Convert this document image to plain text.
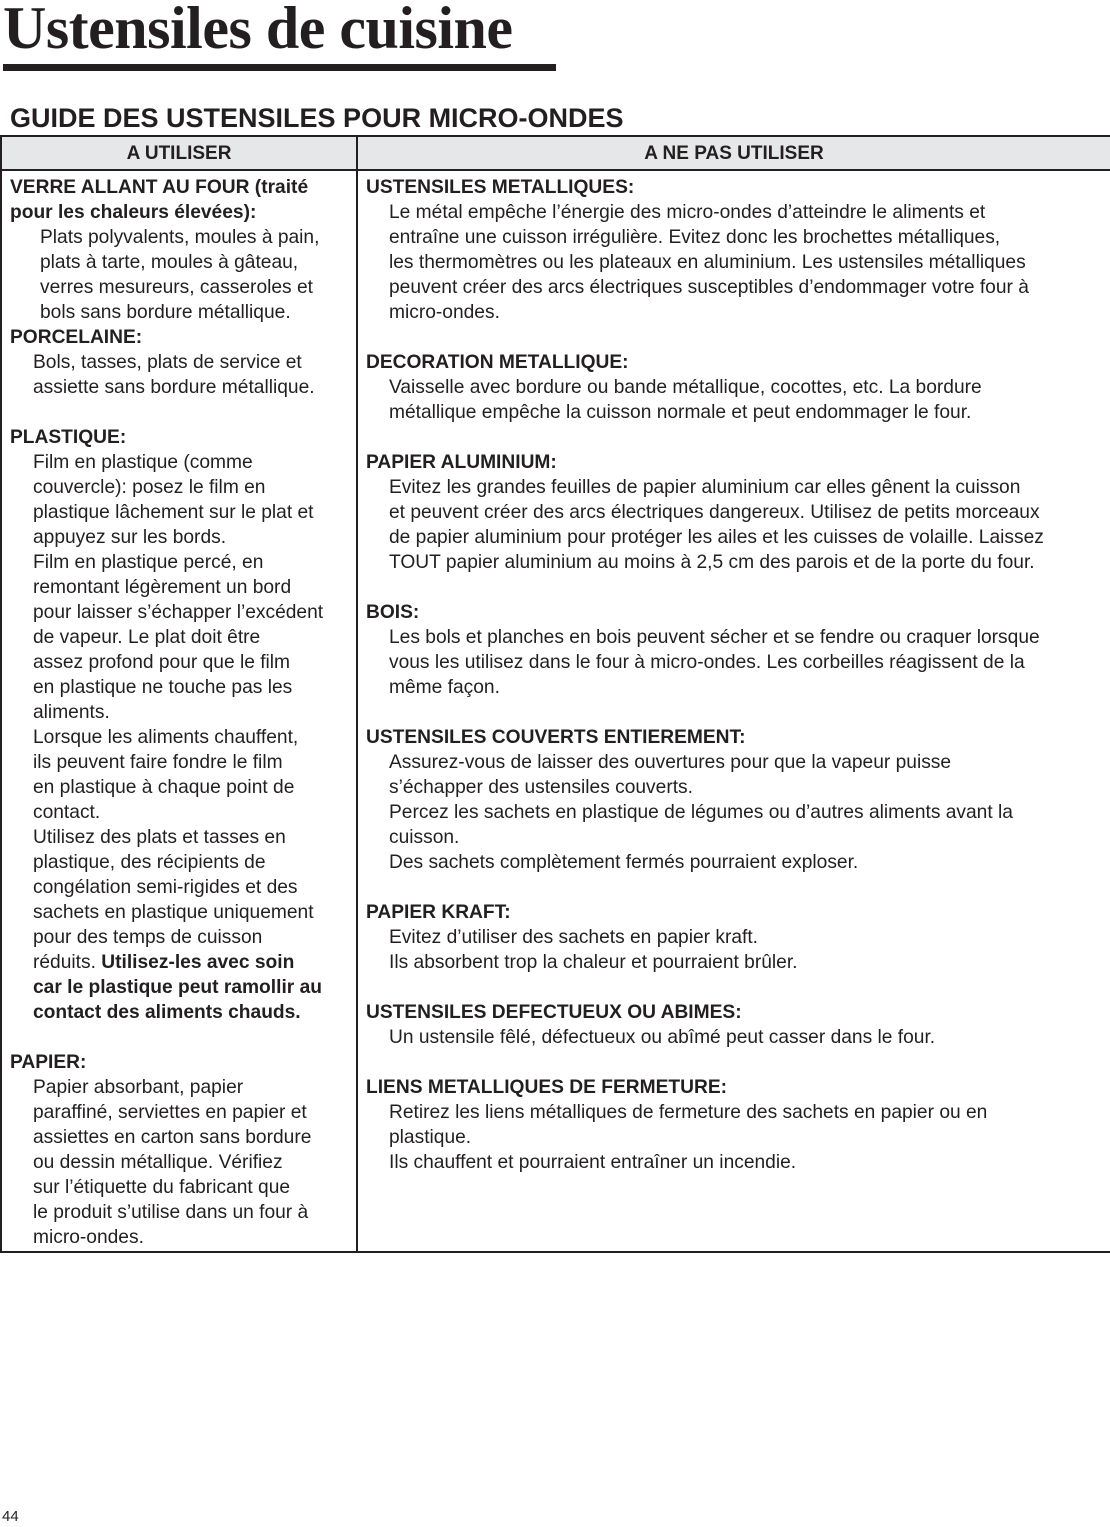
Ustensiles de cuisine
GUIDE DES USTENSILES POUR MICRO-ONDES
A UTILISER	A NE PAS UTILISER
VERRE ALLANT AU FOUR (traité
pour les chaleurs élevées):
Plats polyvalents, moules à pain,
plats à tarte, moules à gâteau,
verres mesureurs, casseroles et
bols sans bordure métallique.
PORCELAINE:
Bols, tasses, plats de service et
assiette sans bordure métallique.
PLASTIQUE:
Film en plastique (comme
couvercle): posez le film en
plastique lâchement sur le plat et
appuyez sur les bords.
Film en plastique percé, en
remontant légèrement un bord
pour laisser s’échapper l’excédent
de vapeur. Le plat doit être
assez profond pour que le film
en plastique ne touche pas les
aliments.
Lorsque les aliments chauffent,
ils peuvent faire fondre le film
en plastique à chaque point de
contact.
Utilisez des plats et tasses en
plastique, des récipients de
congélation semi-rigides et des
sachets en plastique uniquement
pour des temps de cuisson
réduits. Utilisez-les avec soin
car le plastique peut ramollir au
contact des aliments chauds.
PAPIER:
Papier absorbant, papier
paraffiné, serviettes en papier et
assiettes en carton sans bordure
ou dessin métallique. Vérifiez
sur l’étiquette du fabricant que
le produit s’utilise dans un four à
micro-ondes.
USTENSILES METALLIQUES:
Le métal empêche l’énergie des micro-ondes d’atteindre le aliments et
entraîne une cuisson irrégulière. Evitez donc les brochettes métalliques,
les thermomètres ou les plateaux en aluminium. Les ustensiles métalliques
peuvent créer des arcs électriques susceptibles d’endommager votre four à
micro-ondes.
DECORATION METALLIQUE:
Vaisselle avec bordure ou bande métallique, cocottes, etc. La bordure
métallique empêche la cuisson normale et peut endommager le four.
PAPIER ALUMINIUM:
Evitez les grandes feuilles de papier aluminium car elles gênent la cuisson
et peuvent créer des arcs électriques dangereux. Utilisez de petits morceaux
de papier aluminium pour protéger les ailes et les cuisses de volaille. Laissez
TOUT papier aluminium au moins à 2,5 cm des parois et de la porte du four.
BOIS:
Les bols et planches en bois peuvent sécher et se fendre ou craquer lorsque
vous les utilisez dans le four à micro-ondes. Les corbeilles réagissent de la
même façon.
USTENSILES COUVERTS ENTIEREMENT:
Assurez-vous de laisser des ouvertures pour que la vapeur puisse
s’échapper des ustensiles couverts.
Percez les sachets en plastique de légumes ou d’autres aliments avant la
cuisson.
Des sachets complètement fermés pourraient exploser.
PAPIER KRAFT:
Evitez d’utiliser des sachets en papier kraft.
Ils absorbent trop la chaleur et pourraient brûler.
USTENSILES DEFECTUEUX OU ABIMES:
Un ustensile fêlé, défectueux ou abîmé peut casser dans le four.
LIENS METALLIQUES DE FERMETURE:
Retirez les liens métalliques de fermeture des sachets en papier ou en
plastique.
Ils chauffent et pourraient entraîner un incendie.
44
